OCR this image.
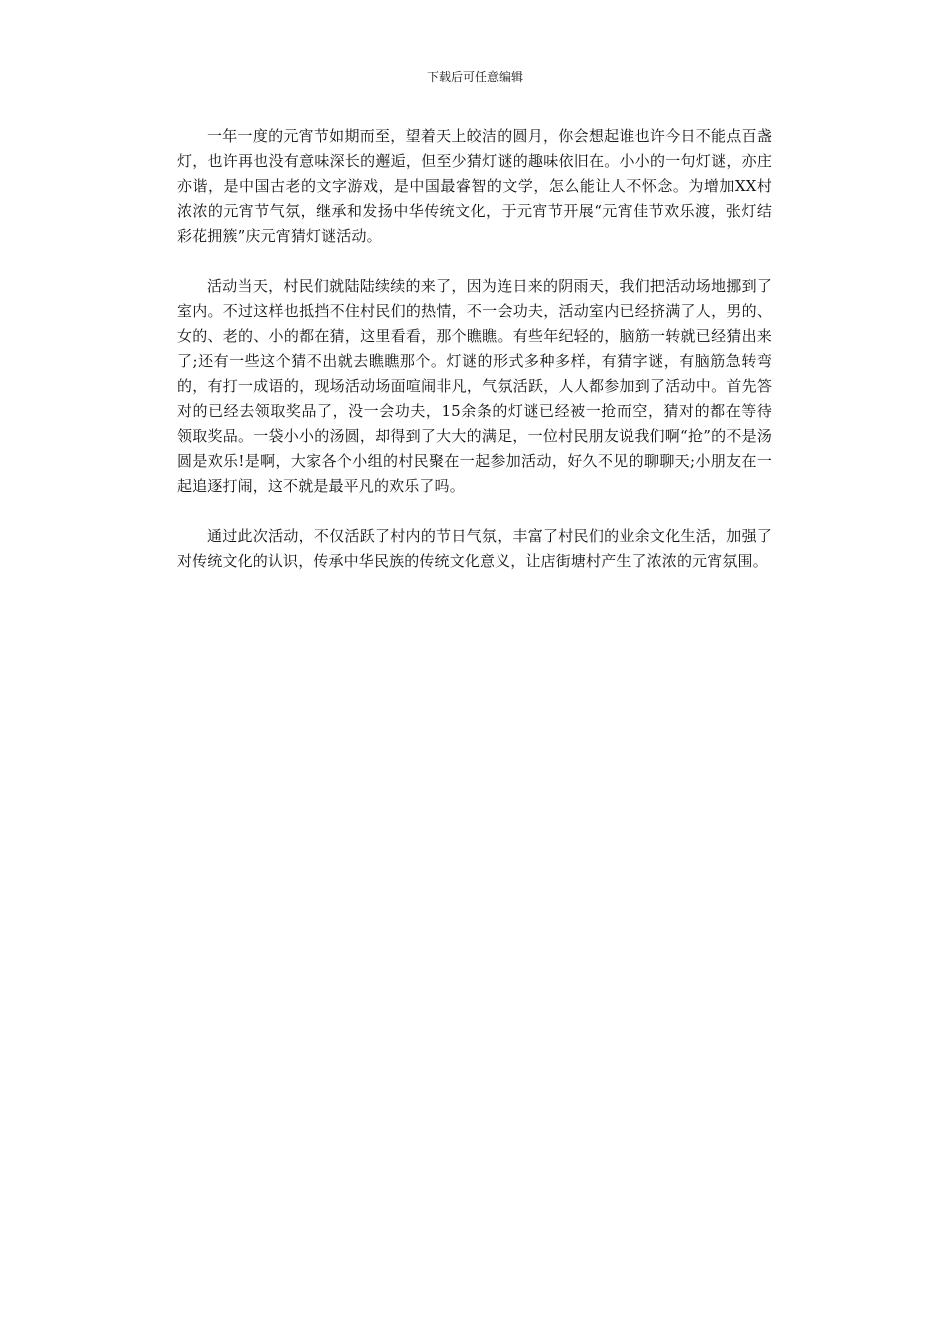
下载后可任意编辑

一年一度的元宵节如期而至，望着天上皎洁的圆月，你会想起谁也许今日不能点百盏灯，也许再也没有意味深长的邂逅，但至少猜灯谜的趣味依旧在。小小的一句灯谜，亦庄亦谐，是中国古老的文字游戏，是中国最睿智的文学，怎么能让人不怀念。为增加XX村浓浓的元宵节气氛，继承和发扬中华传统文化，于元宵节开展“元宵佳节欢乐渡，张灯结彩花拥簇”庆元宵猜灯谜活动。

活动当天，村民们就陆陆续续的来了，因为连日来的阴雨天，我们把活动场地挪到了室内。不过这样也抵挡不住村民们的热情，不一会功夫，活动室内已经挤满了人，男的、女的、老的、小的都在猜，这里看看，那个瞧瞧。有些年纪轻的，脑筋一转就已经猜出来了;还有一些这个猜不出就去瞧瞧那个。灯谜的形式多种多样，有猜字谜，有脑筋急转弯的，有打一成语的，现场活动场面喧闹非凡，气氛活跃，人人都参加到了活动中。首先答对的已经去领取奖品了，没一会功夫，15余条的灯谜已经被一抢而空，猜对的都在等待领取奖品。一袋小小的汤圆，却得到了大大的满足，一位村民朋友说我们啊“抢”的不是汤圆是欢乐!是啊，大家各个小组的村民聚在一起参加活动，好久不见的聊聊天;小朋友在一起追逐打闹，这不就是最平凡的欢乐了吗。

通过此次活动，不仅活跃了村内的节日气氛，丰富了村民们的业余文化生活，加强了对传统文化的认识，传承中华民族的传统文化意义，让店街塘村产生了浓浓的元宵氛围。
